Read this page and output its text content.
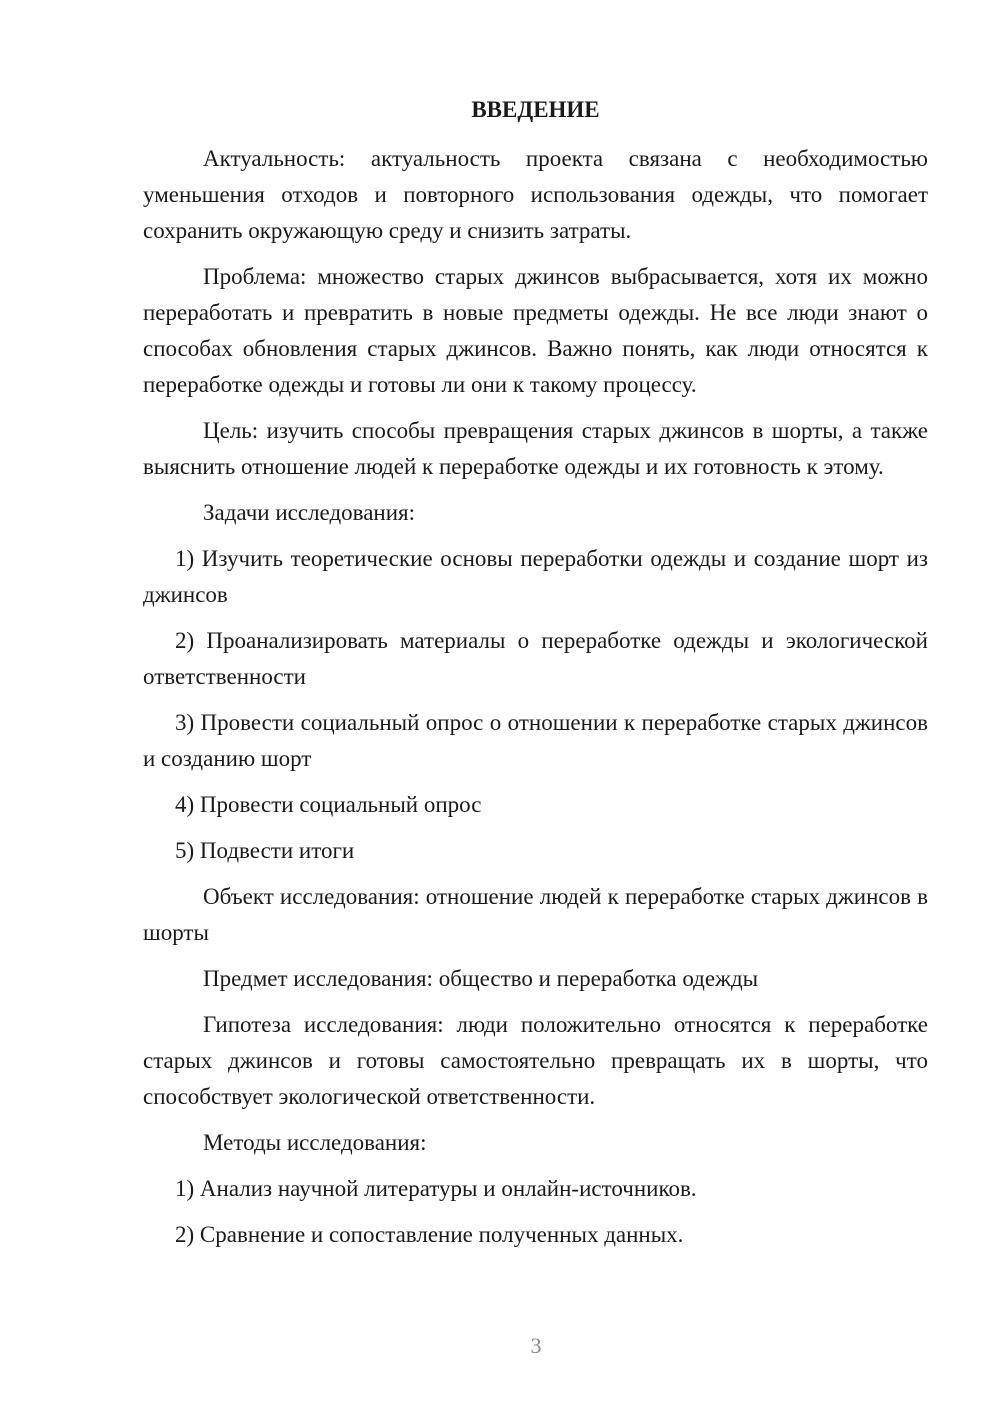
ВВЕДЕНИЕ

Актуальность: актуальность проекта связана с необходимостью уменьшения отходов и повторного использования одежды, что помогает сохранить окружающую среду и снизить затраты.

Проблема: множество старых джинсов выбрасывается, хотя их можно переработать и превратить в новые предметы одежды. Не все люди знают о способах обновления старых джинсов. Важно понять, как люди относятся к переработке одежды и готовы ли они к такому процессу.

Цель: изучить способы превращения старых джинсов в шорты, а также выяснить отношение людей к переработке одежды и их готовность к этому.

Задачи исследования:

1) Изучить теоретические основы переработки одежды и создание шорт из джинсов

2) Проанализировать материалы о переработке одежды и экологической ответственности

3) Провести социальный опрос о отношении к переработке старых джинсов и созданию шорт

4) Провести социальный опрос

5) Подвести итоги

Объект исследования: отношение людей к переработке старых джинсов в шорты

Предмет исследования: общество и переработка одежды

Гипотеза исследования: люди положительно относятся к переработке старых джинсов и готовы самостоятельно превращать их в шорты, что способствует экологической ответственности.

Методы исследования:

1) Анализ научной литературы и онлайн-источников.

2) Сравнение и сопоставление полученных данных.

3
